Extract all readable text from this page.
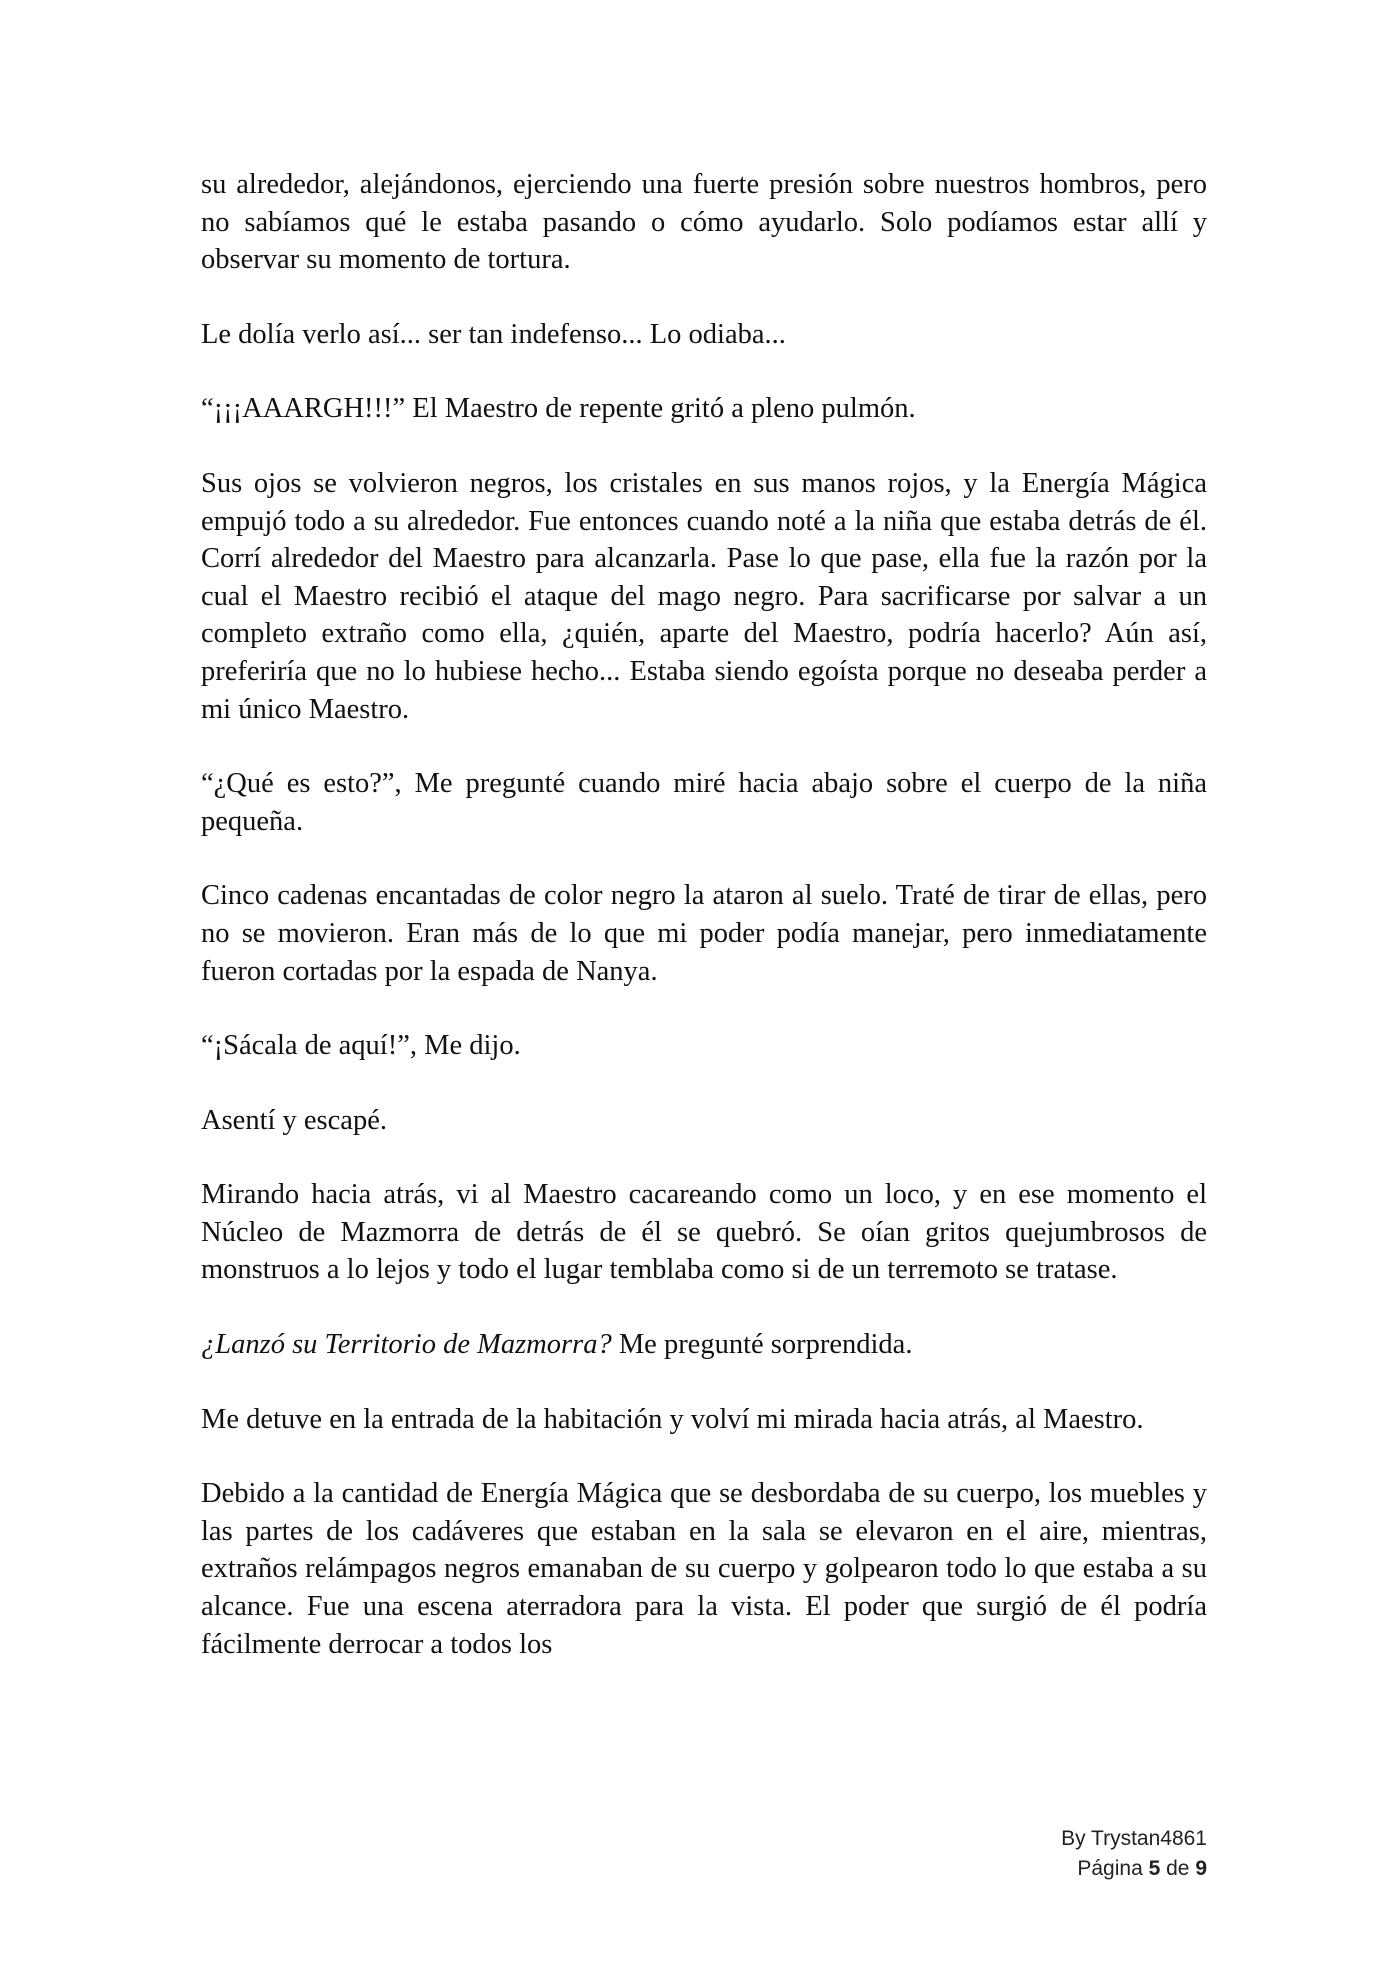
su alrededor, alejándonos, ejerciendo una fuerte presión sobre nuestros hombros, pero no sabíamos qué le estaba pasando o cómo ayudarlo. Solo podíamos estar allí y observar su momento de tortura.

Le dolía verlo así... ser tan indefenso... Lo odiaba...

“¡¡¡AAARGH!!!” El Maestro de repente gritó a pleno pulmón.

Sus ojos se volvieron negros, los cristales en sus manos rojos, y la Energía Mágica empujó todo a su alrededor. Fue entonces cuando noté a la niña que estaba detrás de él. Corrí alrededor del Maestro para alcanzarla. Pase lo que pase, ella fue la razón por la cual el Maestro recibió el ataque del mago negro. Para sacrificarse por salvar a un completo extraño como ella, ¿quién, aparte del Maestro, podría hacerlo? Aún así, preferiría que no lo hubiese hecho... Estaba siendo egoísta porque no deseaba perder a mi único Maestro.

“¿Qué es esto?”, Me pregunté cuando miré hacia abajo sobre el cuerpo de la niña pequeña.

Cinco cadenas encantadas de color negro la ataron al suelo. Traté de tirar de ellas, pero no se movieron. Eran más de lo que mi poder podía manejar, pero inmediatamente fueron cortadas por la espada de Nanya.

“¡Sácala de aquí!”, Me dijo.

Asentí y escapé.

Mirando hacia atrás, vi al Maestro cacareando como un loco, y en ese momento el Núcleo de Mazmorra de detrás de él se quebró. Se oían gritos quejumbrosos de monstruos a lo lejos y todo el lugar temblaba como si de un terremoto se tratase.

¿Lanzó su Territorio de Mazmorra? Me pregunté sorprendida.

Me detuve en la entrada de la habitación y volví mi mirada hacia atrás, al Maestro.

Debido a la cantidad de Energía Mágica que se desbordaba de su cuerpo, los muebles y las partes de los cadáveres que estaban en la sala se elevaron en el aire, mientras, extraños relámpagos negros emanaban de su cuerpo y golpearon todo lo que estaba a su alcance. Fue una escena aterradora para la vista. El poder que surgió de él podría fácilmente derrocar a todos los

By Trystan4861
Página 5 de 9
